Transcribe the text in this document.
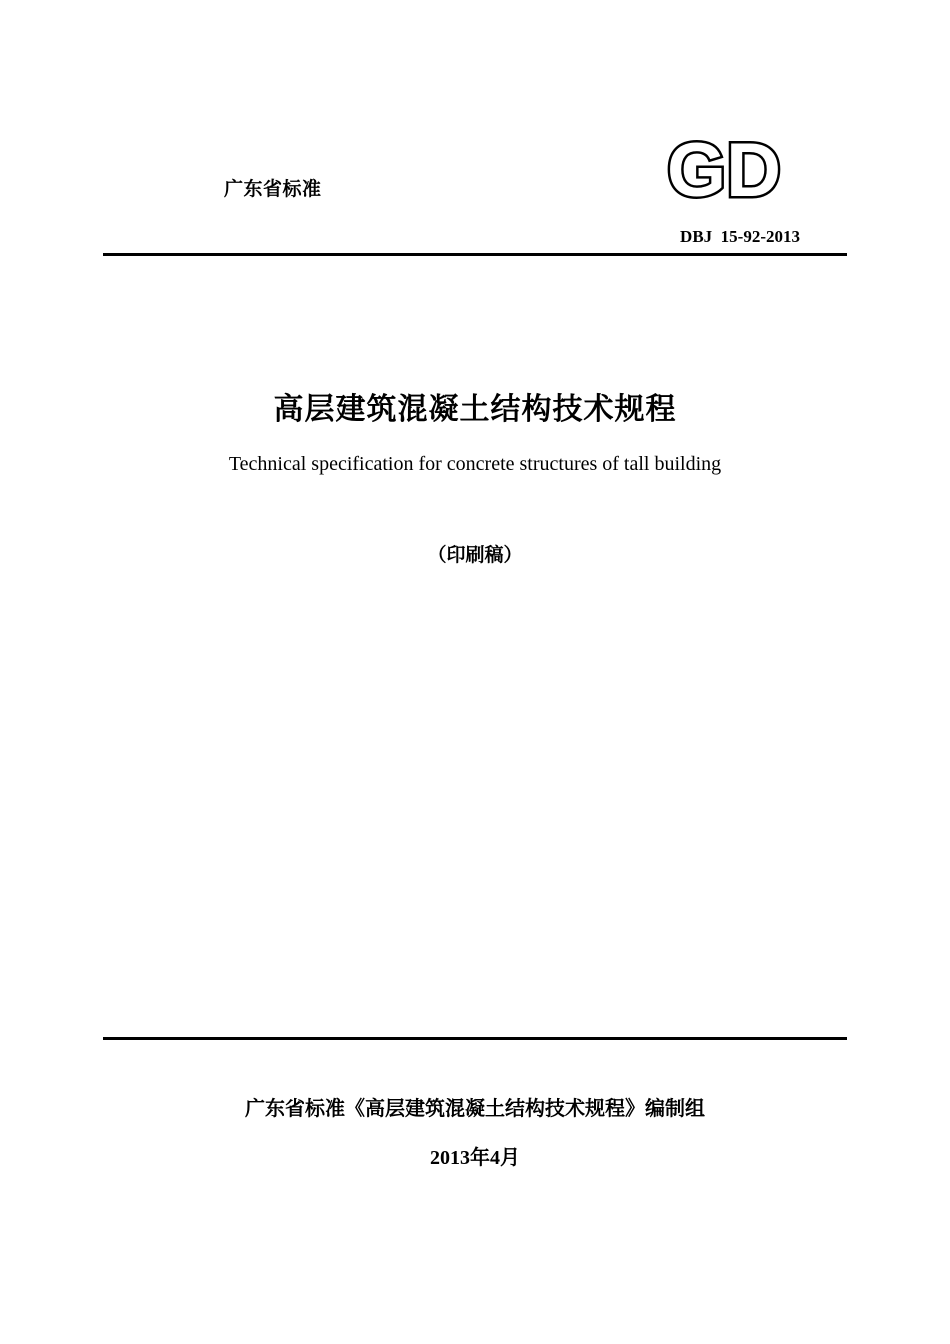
广东省标准	GD
DBJ  15-92-2013
高层建筑混凝土结构技术规程
Technical specification for concrete structures of tall building
（印刷稿）
广东省标准《高层建筑混凝土结构技术规程》编制组
2013年4月
